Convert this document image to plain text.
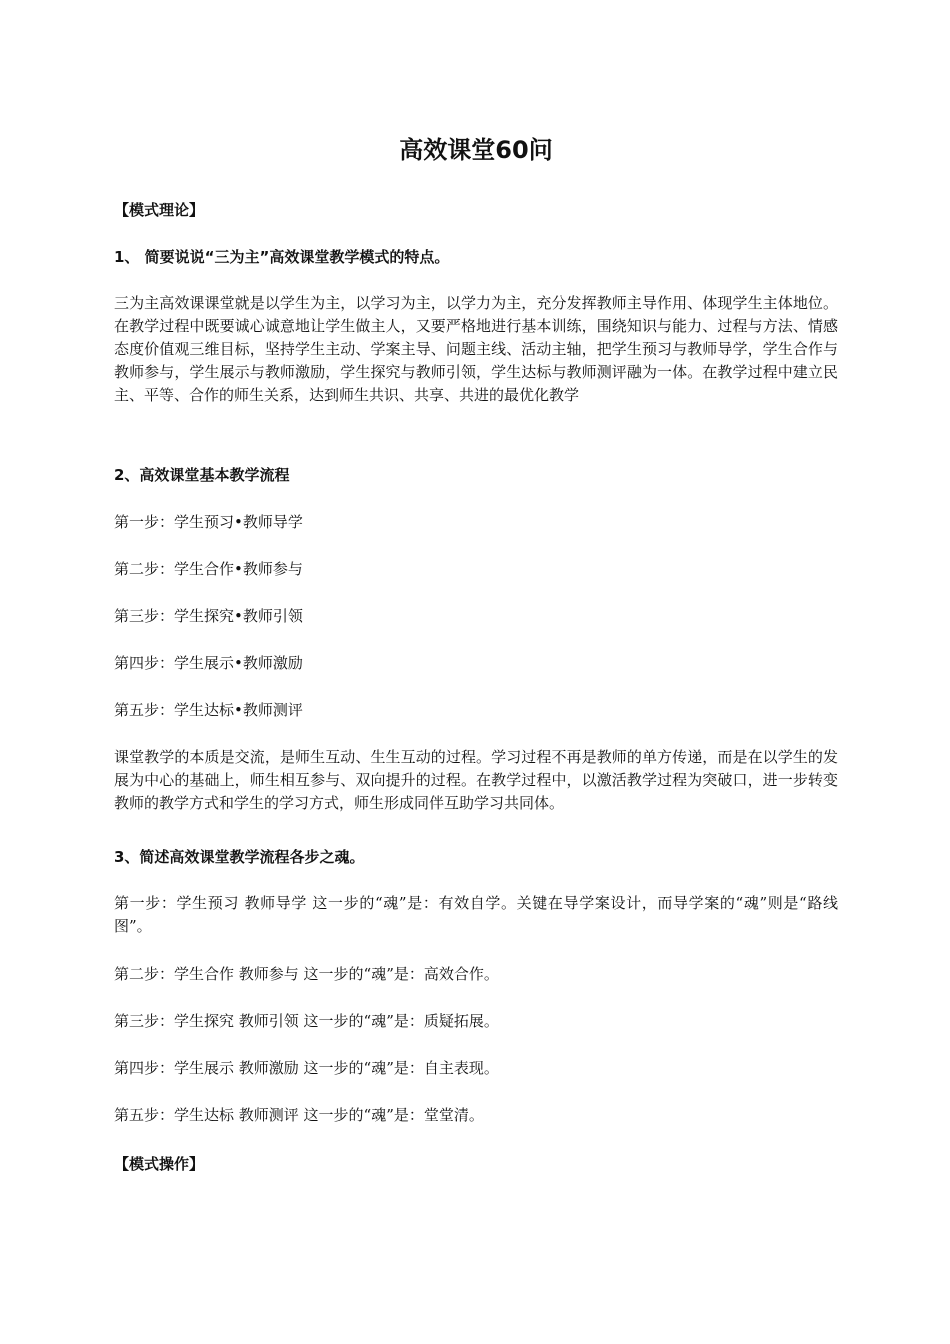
高效课堂60问
【模式理论】
1、 简要说说“三为主”高效课堂教学模式的特点。

三为主高效课课堂就是以学生为主，以学习为主，以学力为主，充分发挥教师主导作用、体现学生主体地位。在教学过程中既要诚心诚意地让学生做主人，又要严格地进行基本训练，围绕知识与能力、过程与方法、情感态度价值观三维目标，坚持学生主动、学案主导、问题主线、活动主轴，把学生预习与教师导学，学生合作与教师参与，学生展示与教师激励，学生探究与教师引领，学生达标与教师测评融为一体。在教学过程中建立民主、平等、合作的师生关系，达到师生共识、共享、共进的最优化教学

2、高效课堂基本教学流程
第一步：学生预习•教师导学
第二步：学生合作•教师参与
第三步：学生探究•教师引领
第四步：学生展示•教师激励
第五步：学生达标•教师测评

课堂教学的本质是交流，是师生互动、生生互动的过程。学习过程不再是教师的单方传递，而是在以学生的发展为中心的基础上，师生相互参与、双向提升的过程。在教学过程中，以激活教学过程为突破口，进一步转变教师的教学方式和学生的学习方式，师生形成同伴互助学习共同体。

3、简述高效课堂教学流程各步之魂。

第一步：学生预习 教师导学 这一步的“魂”是：有效自学。关键在导学案设计，而导学案的“魂”则是“路线图”。

第二步：学生合作 教师参与 这一步的“魂”是：高效合作。
第三步：学生探究 教师引领 这一步的“魂”是：质疑拓展。
第四步：学生展示 教师激励 这一步的“魂”是：自主表现。
第五步：学生达标 教师测评 这一步的“魂”是：堂堂清。
【模式操作】
